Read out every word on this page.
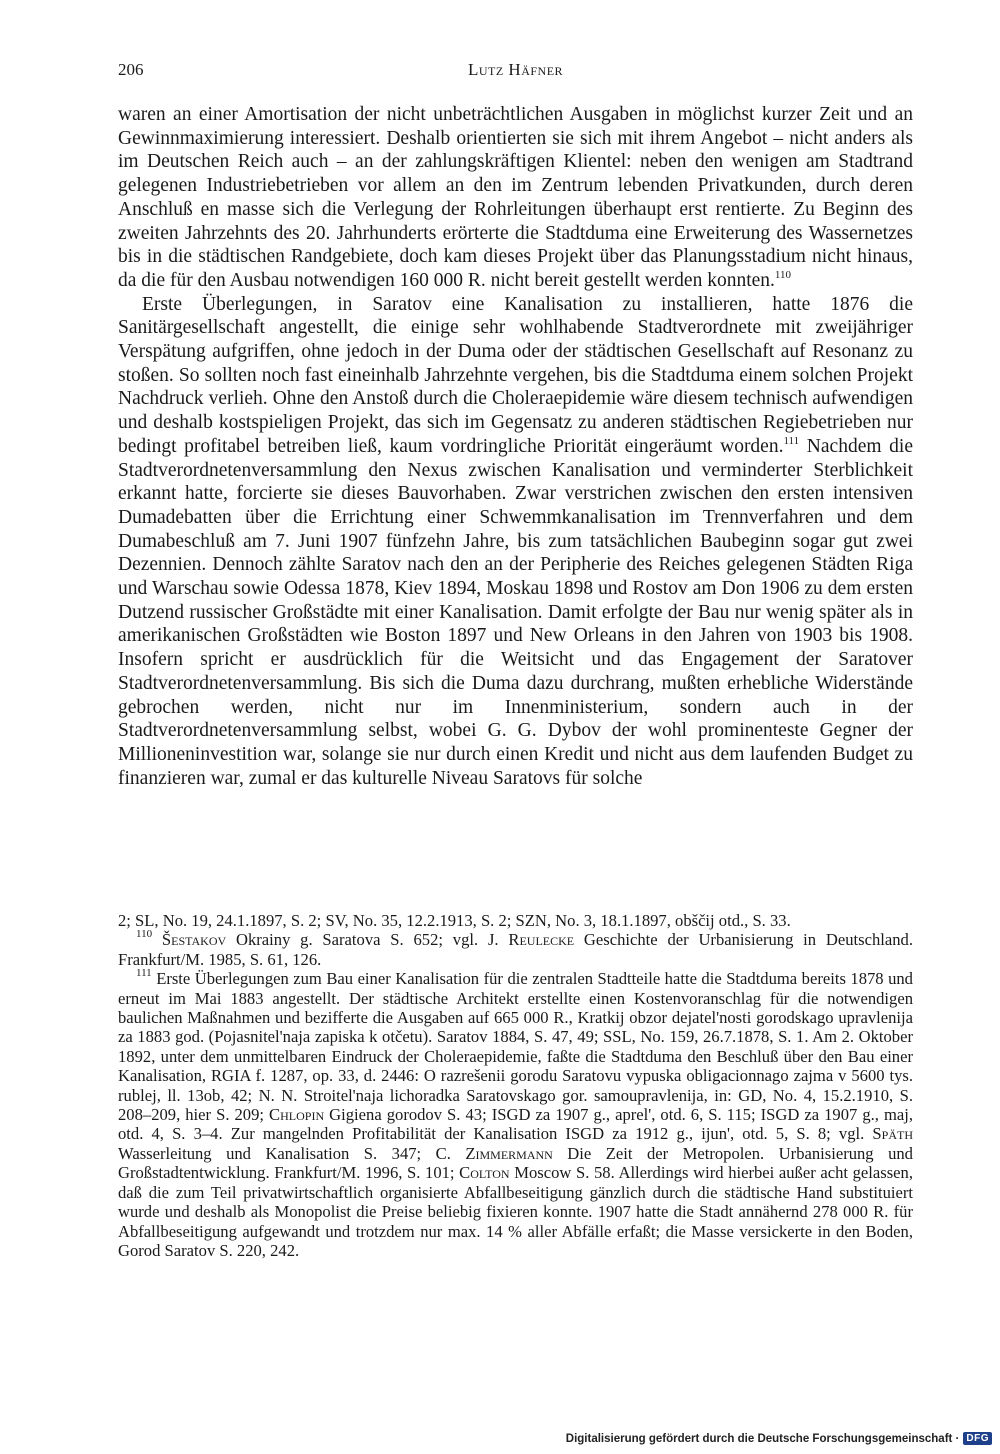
206	Lutz Häfner

waren an einer Amortisation der nicht unbeträchtlichen Ausgaben in möglichst kurzer Zeit und an Gewinnmaximierung interessiert. Deshalb orientierten sie sich mit ihrem Angebot – nicht anders als im Deutschen Reich auch – an der zahlungskräftigen Klientel: neben den wenigen am Stadtrand gelegenen Industriebetrieben vor allem an den im Zentrum lebenden Privatkunden, durch deren Anschluß en masse sich die Verlegung der Rohrleitungen überhaupt erst rentierte. Zu Beginn des zweiten Jahrzehnts des 20. Jahrhunderts erörterte die Stadtduma eine Erweiterung des Wassernetzes bis in die städtischen Randgebiete, doch kam dieses Projekt über das Planungsstadium nicht hinaus, da die für den Ausbau notwendigen 160 000 R. nicht bereit gestellt werden konnten.$^{110}$

Erste Überlegungen, in Saratov eine Kanalisation zu installieren, hatte 1876 die Sanitärgesellschaft angestellt, die einige sehr wohlhabende Stadtverordnete mit zweijähriger Verspätung aufgriffen, ohne jedoch in der Duma oder der städtischen Gesellschaft auf Resonanz zu stoßen. So sollten noch fast eineinhalb Jahrzehnte vergehen, bis die Stadtduma einem solchen Projekt Nachdruck verlieh. Ohne den Anstoß durch die Choleraepidemie wäre diesem technisch aufwendigen und deshalb kostspieligen Projekt, das sich im Gegensatz zu anderen städtischen Regiebetrieben nur bedingt profitabel betreiben ließ, kaum vordringliche Priorität eingeräumt worden.$^{111}$ Nachdem die Stadtverordnetenversammlung den Nexus zwischen Kanalisation und verminderter Sterblichkeit erkannt hatte, forcierte sie dieses Bauvorhaben. Zwar verstrichen zwischen den ersten intensiven Dumadebatten über die Errichtung einer Schwemmkanalisation im Trennverfahren und dem Dumabeschluß am 7. Juni 1907 fünfzehn Jahre, bis zum tatsächlichen Baubeginn sogar gut zwei Dezennien. Dennoch zählte Saratov nach den an der Peripherie des Reiches gelegenen Städten Riga und Warschau sowie Odessa 1878, Kiev 1894, Moskau 1898 und Rostov am Don 1906 zu dem ersten Dutzend russischer Großstädte mit einer Kanalisation. Damit erfolgte der Bau nur wenig später als in amerikanischen Großstädten wie Boston 1897 und New Orleans in den Jahren von 1903 bis 1908. Insofern spricht er ausdrücklich für die Weitsicht und das Engagement der Saratover Stadtverordnetenversammlung. Bis sich die Duma dazu durchrang, mußten erhebliche Widerstände gebrochen werden, nicht nur im Innenministerium, sondern auch in der Stadtverordnetenversammlung selbst, wobei G. G. Dybov der wohl prominenteste Gegner der Millioneninvestition war, solange sie nur durch einen Kredit und nicht aus dem laufenden Budget zu finanzieren war, zumal er das kulturelle Niveau Saratovs für solche

2; SL, No. 19, 24.1.1897, S. 2; SV, No. 35, 12.2.1913, S. 2; SZN, No. 3, 18.1.1897, obščij otd., S. 33.

$^{110}$ Šestakov Okrainy g. Saratova S. 652; vgl. J. Reulecke Geschichte der Urbanisierung in Deutschland. Frankfurt/M. 1985, S. 61, 126.

$^{111}$ Erste Überlegungen zum Bau einer Kanalisation für die zentralen Stadtteile hatte die Stadtduma bereits 1878 und erneut im Mai 1883 angestellt. Der städtische Architekt erstellte einen Kostenvoranschlag für die notwendigen baulichen Maßnahmen und bezifferte die Ausgaben auf 665 000 R., Kratkij obzor dejatel'nosti gorodskago upravlenija za 1883 god. (Pojasnitel'naja zapiska k otčetu). Saratov 1884, S. 47, 49; SSL, No. 159, 26.7.1878, S. 1. Am 2. Oktober 1892, unter dem unmittelbaren Eindruck der Choleraepidemie, faßte die Stadtduma den Beschluß über den Bau einer Kanalisation, RGIA f. 1287, op. 33, d. 2446: O razrešenii gorodu Saratovu vypuska obligacionnago zajma v 5600 tys. rublej, ll. 13ob, 42; N. N. Stroitel'naja lichoradka Saratovskago gor. samoupravlenija, in: GD, No. 4, 15.2.1910, S. 208–209, hier S. 209; Chlopin Gigiena gorodov S. 43; ISGD za 1907 g., aprel', otd. 6, S. 115; ISGD za 1907 g., maj, otd. 4, S. 3–4. Zur mangelnden Profitabilität der Kanalisation ISGD za 1912 g., ijun', otd. 5, S. 8; vgl. Späth Wasserleitung und Kanalisation S. 347; C. Zimmermann Die Zeit der Metropolen. Urbanisierung und Großstadtentwicklung. Frankfurt/M. 1996, S. 101; Colton Moscow S. 58. Allerdings wird hierbei außer acht gelassen, daß die zum Teil privatwirtschaftlich organisierte Abfallbeseitigung gänzlich durch die städtische Hand substituiert wurde und deshalb als Monopolist die Preise beliebig fixieren konnte. 1907 hatte die Stadt annähernd 278 000 R. für Abfallbeseitigung aufgewandt und trotzdem nur max. 14 % aller Abfälle erfaßt; die Masse versickerte in den Boden, Gorod Saratov S. 220, 242.

Digitalisierung gefördert durch die Deutsche Forschungsgemeinschaft · DFG
